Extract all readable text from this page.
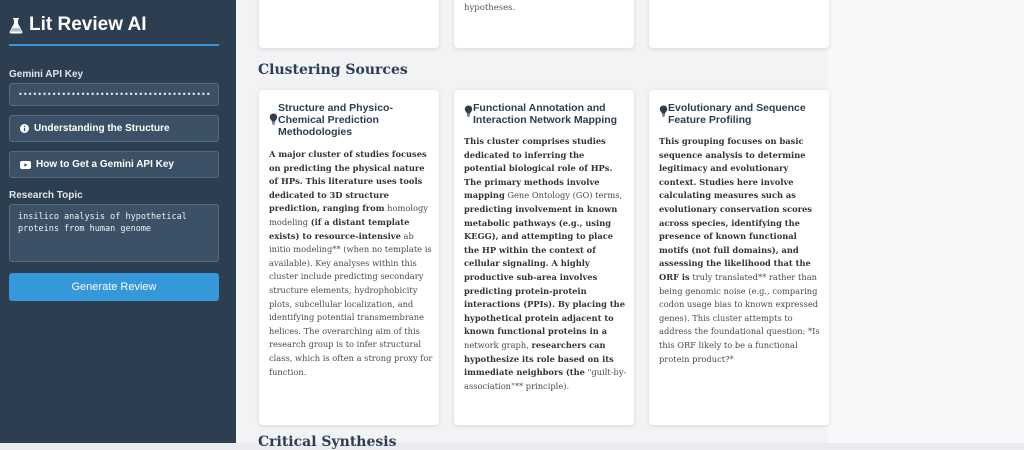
Lit Review AI
Gemini API Key
••••••••••••••••••••••••••••••••••••••••
Understanding the Structure
How to Get a Gemini API Key
Research Topic
insilico analysis of hypothetical proteins from human genome
Generate Review
hypotheses.
Clustering Sources
Structure and Physico-
Chemical Prediction
Methodologies
A major cluster of studies focuses on predicting the physical nature of HPs. This literature uses tools dedicated to 3D structure prediction, ranging from homology modeling (if a distant template exists) to resource-intensive ab initio modeling** (when no template is available). Key analyses within this cluster include predicting secondary structure elements, hydrophobicity plots, subcellular localization, and identifying potential transmembrane helices. The overarching aim of this research group is to infer structural class, which is often a strong proxy for function.
Functional Annotation and
Interaction Network Mapping
This cluster comprises studies dedicated to inferring the potential biological role of HPs. The primary methods involve mapping Gene Ontology (GO) terms, predicting involvement in known metabolic pathways (e.g., using KEGG), and attempting to place the HP within the context of cellular signaling. A highly productive sub-area involves predicting protein-protein interactions (PPIs). By placing the hypothetical protein adjacent to known functional proteins in a network graph, researchers can hypothesize its role based on its immediate neighbors (the "guilt-by-association"** principle).
Evolutionary and Sequence
Feature Profiling
This grouping focuses on basic sequence analysis to determine legitimacy and evolutionary context. Studies here involve calculating measures such as evolutionary conservation scores across species, identifying the presence of known functional motifs (not full domains), and assessing the likelihood that the ORF is truly translated** rather than being genomic noise (e.g., comparing codon usage bias to known expressed genes). This cluster attempts to address the foundational question: *Is this ORF likely to be a functional protein product?*
Critical Synthesis
